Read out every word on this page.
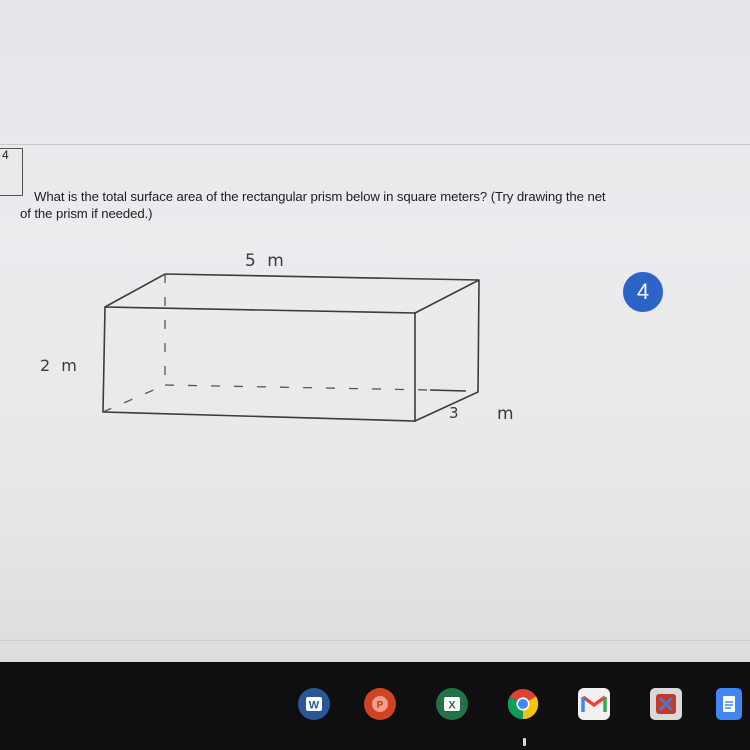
4
What is the total surface area of the rectangular prism below in square meters? (Try drawing the net
of the prism if needed.)
5 m
2 m
3 m
4
W	P	X
